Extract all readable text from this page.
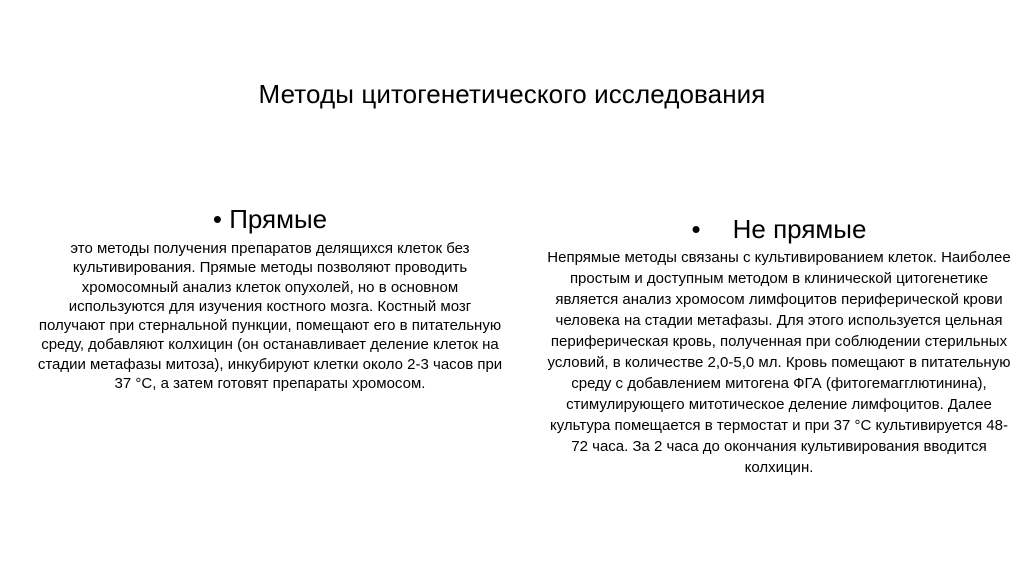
Методы цитогенетического исследования
• Прямые
это методы получения препаратов делящихся клеток без культивирования. Прямые методы позволяют проводить хромосомный анализ клеток опухолей, но в основном используются для изучения костного мозга. Костный мозг получают при стернальной пункции, помещают его в питательную среду, добавляют колхицин (он останавливает деление клеток на стадии метафазы митоза), инкубируют клетки около 2-3 часов при 37 °С, а затем готовят препараты хромосом.
• Не прямые
Непрямые методы связаны с культивированием клеток. Наиболее простым и доступным методом в клинической цитогенетике является анализ хромосом лимфоцитов периферической крови человека на стадии метафазы. Для этого используется цельная периферическая кровь, полученная при соблюдении стерильных условий, в количестве 2,0-5,0 мл. Кровь помещают в питательную среду с добавлением митогена ФГА (фитогемагглютинина), стимулирующего митотическое деление лимфоцитов. Далее культура помещается в термостат и при 37 °С культивируется 48-72 часа. За 2 часа до окончания культивирования вводится колхицин.
